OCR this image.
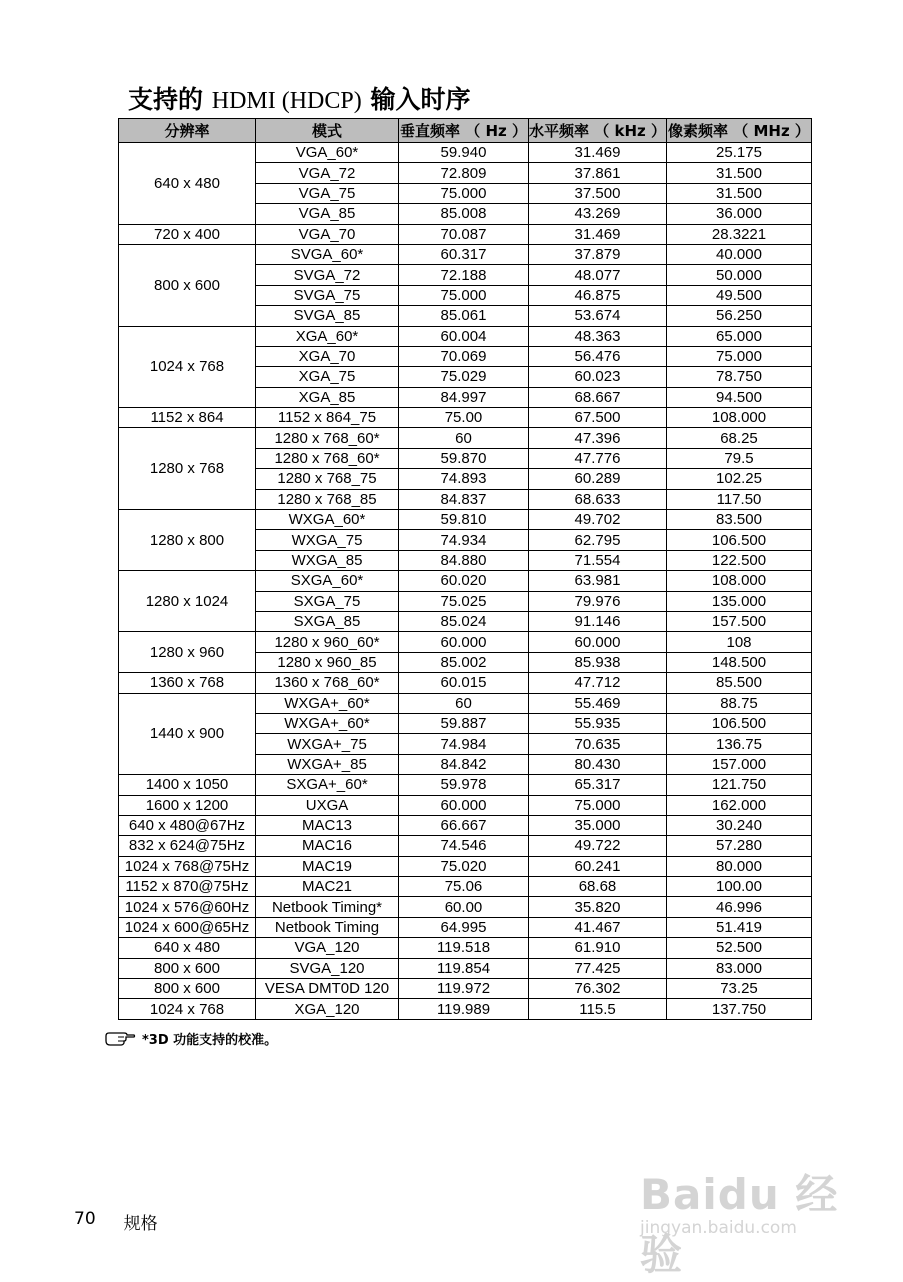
支持的 HDMI (HDCP) 输入时序
分辨率	模式	垂直频率 （ Hz ）	水平频率 （ kHz ）	像素频率 （ MHz ）
640 x 480	VGA_60*	59.940	31.469	25.175
	VGA_72	72.809	37.861	31.500
	VGA_75	75.000	37.500	31.500
	VGA_85	85.008	43.269	36.000
720 x 400	VGA_70	70.087	31.469	28.3221
800 x 600	SVGA_60*	60.317	37.879	40.000
	SVGA_72	72.188	48.077	50.000
	SVGA_75	75.000	46.875	49.500
	SVGA_85	85.061	53.674	56.250
1024 x 768	XGA_60*	60.004	48.363	65.000
	XGA_70	70.069	56.476	75.000
	XGA_75	75.029	60.023	78.750
	XGA_85	84.997	68.667	94.500
1152 x 864	1152 x 864_75	75.00	67.500	108.000
1280 x 768	1280 x 768_60*	60	47.396	68.25
	1280 x 768_60*	59.870	47.776	79.5
	1280 x 768_75	74.893	60.289	102.25
	1280 x 768_85	84.837	68.633	117.50
1280 x 800	WXGA_60*	59.810	49.702	83.500
	WXGA_75	74.934	62.795	106.500
	WXGA_85	84.880	71.554	122.500
1280 x 1024	SXGA_60*	60.020	63.981	108.000
	SXGA_75	75.025	79.976	135.000
	SXGA_85	85.024	91.146	157.500
1280 x 960	1280 x 960_60*	60.000	60.000	108
	1280 x 960_85	85.002	85.938	148.500
1360 x 768	1360 x 768_60*	60.015	47.712	85.500
1440 x 900	WXGA+_60*	60	55.469	88.75
	WXGA+_60*	59.887	55.935	106.500
	WXGA+_75	74.984	70.635	136.75
	WXGA+_85	84.842	80.430	157.000
1400 x 1050	SXGA+_60*	59.978	65.317	121.750
1600 x 1200	UXGA	60.000	75.000	162.000
640 x 480@67Hz	MAC13	66.667	35.000	30.240
832 x 624@75Hz	MAC16	74.546	49.722	57.280
1024 x 768@75Hz	MAC19	75.020	60.241	80.000
1152 x 870@75Hz	MAC21	75.06	68.68	100.00
1024 x 576@60Hz	Netbook Timing*	60.00	35.820	46.996
1024 x 600@65Hz	Netbook Timing	64.995	41.467	51.419
640 x 480	VGA_120	119.518	61.910	52.500
800 x 600	SVGA_120	119.854	77.425	83.000
800 x 600	VESA DMT0D 120	119.972	76.302	73.25
1024 x 768	XGA_120	119.989	115.5	137.750
*3D 功能支持的校准。
Baidu 经验
jingyan.baidu.com
70 规格
